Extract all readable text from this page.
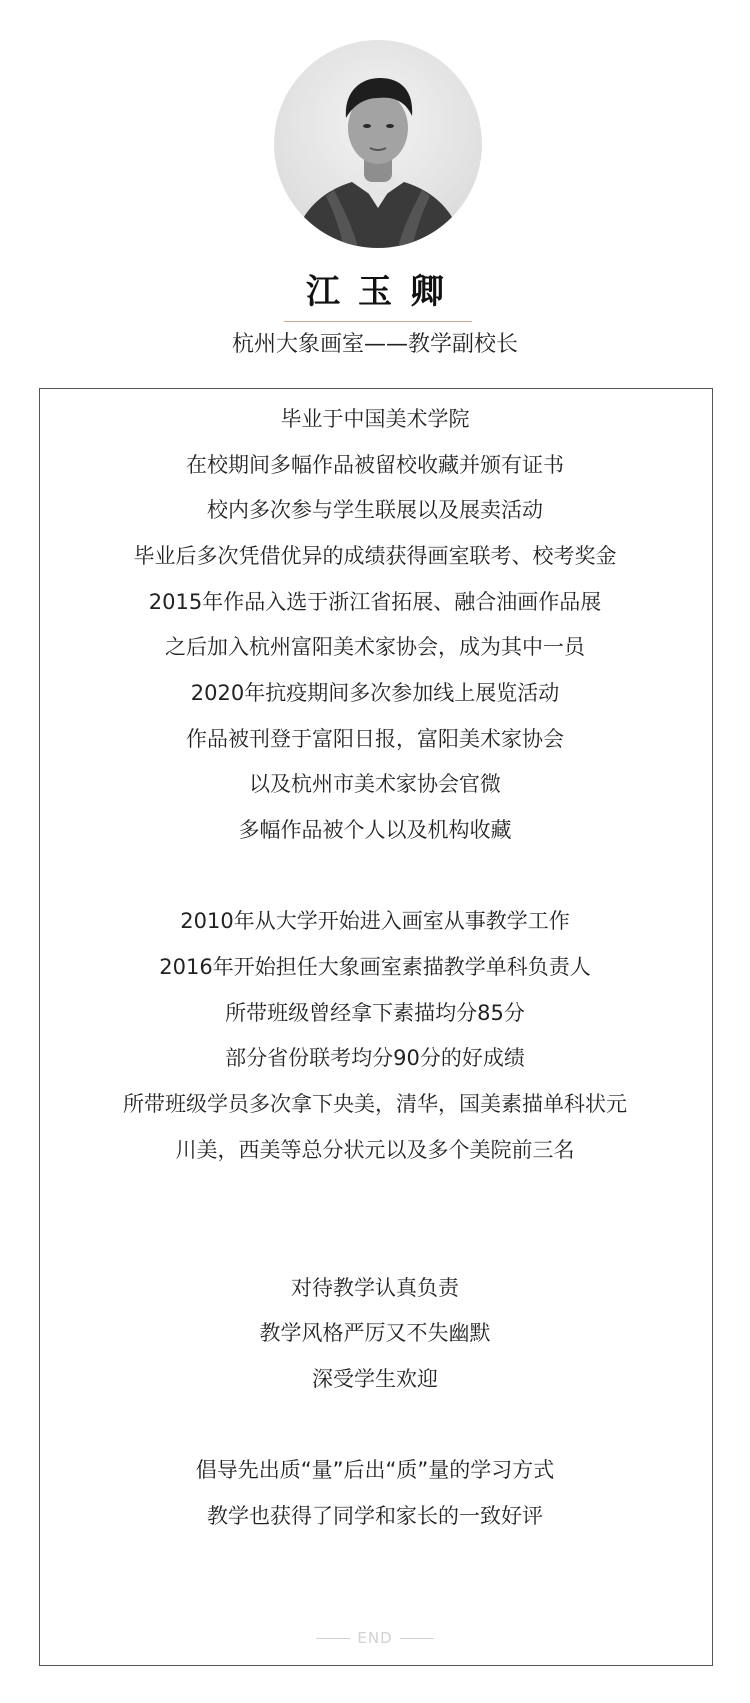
江玉卿
杭州大象画室——教学副校长
毕业于中国美术学院
在校期间多幅作品被留校收藏并颁有证书
校内多次参与学生联展以及展卖活动
毕业后多次凭借优异的成绩获得画室联考、校考奖金
2015年作品入选于浙江省拓展、融合油画作品展
之后加入杭州富阳美术家协会，成为其中一员
2020年抗疫期间多次参加线上展览活动
作品被刊登于富阳日报，富阳美术家协会
以及杭州市美术家协会官微
多幅作品被个人以及机构收藏
2010年从大学开始进入画室从事教学工作
2016年开始担任大象画室素描教学单科负责人
所带班级曾经拿下素描均分85分
部分省份联考均分90分的好成绩
所带班级学员多次拿下央美，清华，国美素描单科状元
川美，西美等总分状元以及多个美院前三名
对待教学认真负责
教学风格严厉又不失幽默
深受学生欢迎
倡导先出质“量”后出“质”量的学习方式
教学也获得了同学和家长的一致好评
END
